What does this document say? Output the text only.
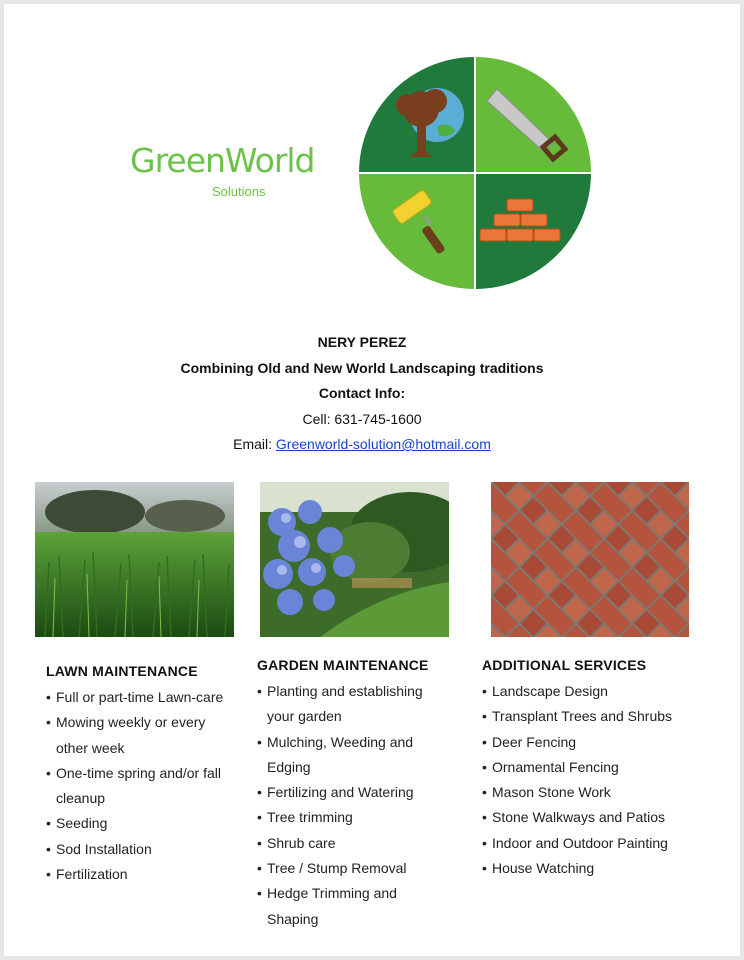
GreenWorld
Solutions
NERY PEREZ
Combining Old and New World Landscaping traditions
Contact Info:
Cell: 631-745-1600
Email: Greenworld-solution@hotmail.com
LAWN MAINTENANCE
• Full or part-time Lawn-care
• Mowing weekly or every other week
• One-time spring and/or fall cleanup
• Seeding
• Sod Installation
• Fertilization
GARDEN MAINTENANCE
• Planting and establishing your garden
• Mulching, Weeding and Edging
• Fertilizing and Watering
• Tree trimming
• Shrub care
• Tree / Stump Removal
• Hedge Trimming and Shaping
ADDITIONAL SERVICES
• Landscape Design
• Transplant Trees and Shrubs
• Deer Fencing
• Ornamental Fencing
• Mason Stone Work
• Stone Walkways and Patios
• Indoor and Outdoor Painting
• House Watching
